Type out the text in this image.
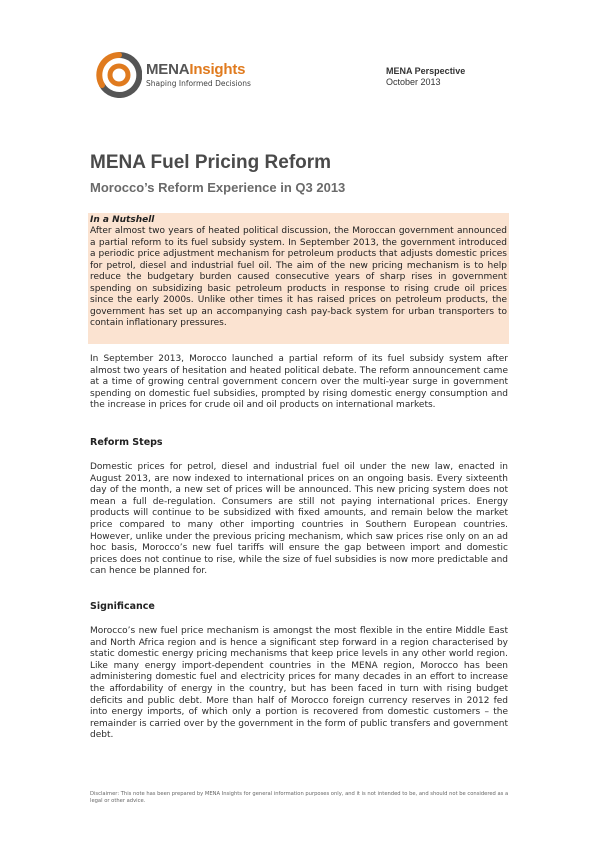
MENAInsights
Shaping Informed Decisions
MENA Perspective
October 2013
MENA Fuel Pricing Reform
Morocco’s Reform Experience in Q3 2013
In a Nutshell

After almost two years of heated political discussion, the Moroccan government announced a partial reform to its fuel subsidy system. In September 2013, the government introduced a periodic price adjustment mechanism for petroleum products that adjusts domestic prices for petrol, diesel and industrial fuel oil. The aim of the new pricing mechanism is to help reduce the budgetary burden caused consecutive years of sharp rises in government spending on subsidizing basic petroleum products in response to rising crude oil prices since the early 2000s. Unlike other times it has raised prices on petroleum products, the government has set up an accompanying cash pay-back system for urban transporters to contain inflationary pressures.

In September 2013, Morocco launched a partial reform of its fuel subsidy system after almost two years of hesitation and heated political debate. The reform announcement came at a time of growing central government concern over the multi-year surge in government spending on domestic fuel subsidies, prompted by rising domestic energy consumption and the increase in prices for crude oil and oil products on international markets.

Reform Steps

Domestic prices for petrol, diesel and industrial fuel oil under the new law, enacted in August 2013, are now indexed to international prices on an ongoing basis. Every sixteenth day of the month, a new set of prices will be announced. This new pricing system does not mean a full de-regulation. Consumers are still not paying international prices. Energy products will continue to be subsidized with fixed amounts, and remain below the market price compared to many other importing countries in Southern European countries. However, unlike under the previous pricing mechanism, which saw prices rise only on an ad hoc basis, Morocco’s new fuel tariffs will ensure the gap between import and domestic prices does not continue to rise, while the size of fuel subsidies is now more predictable and can hence be planned for.

Significance

Morocco’s new fuel price mechanism is amongst the most flexible in the entire Middle East and North Africa region and is hence a significant step forward in a region characterised by static domestic energy pricing mechanisms that keep price levels in any other world region. Like many energy import-dependent countries in the MENA region, Morocco has been administering domestic fuel and electricity prices for many decades in an effort to increase the affordability of energy in the country, but has been faced in turn with rising budget deficits and public debt. More than half of Morocco foreign currency reserves in 2012 fed into energy imports, of which only a portion is recovered from domestic customers – the remainder is carried over by the government in the form of public transfers and government debt.

Disclaimer: This note has been prepared by MENA Insights for general information purposes only, and it is not intended to be, and should not be considered as a legal or other advice.
